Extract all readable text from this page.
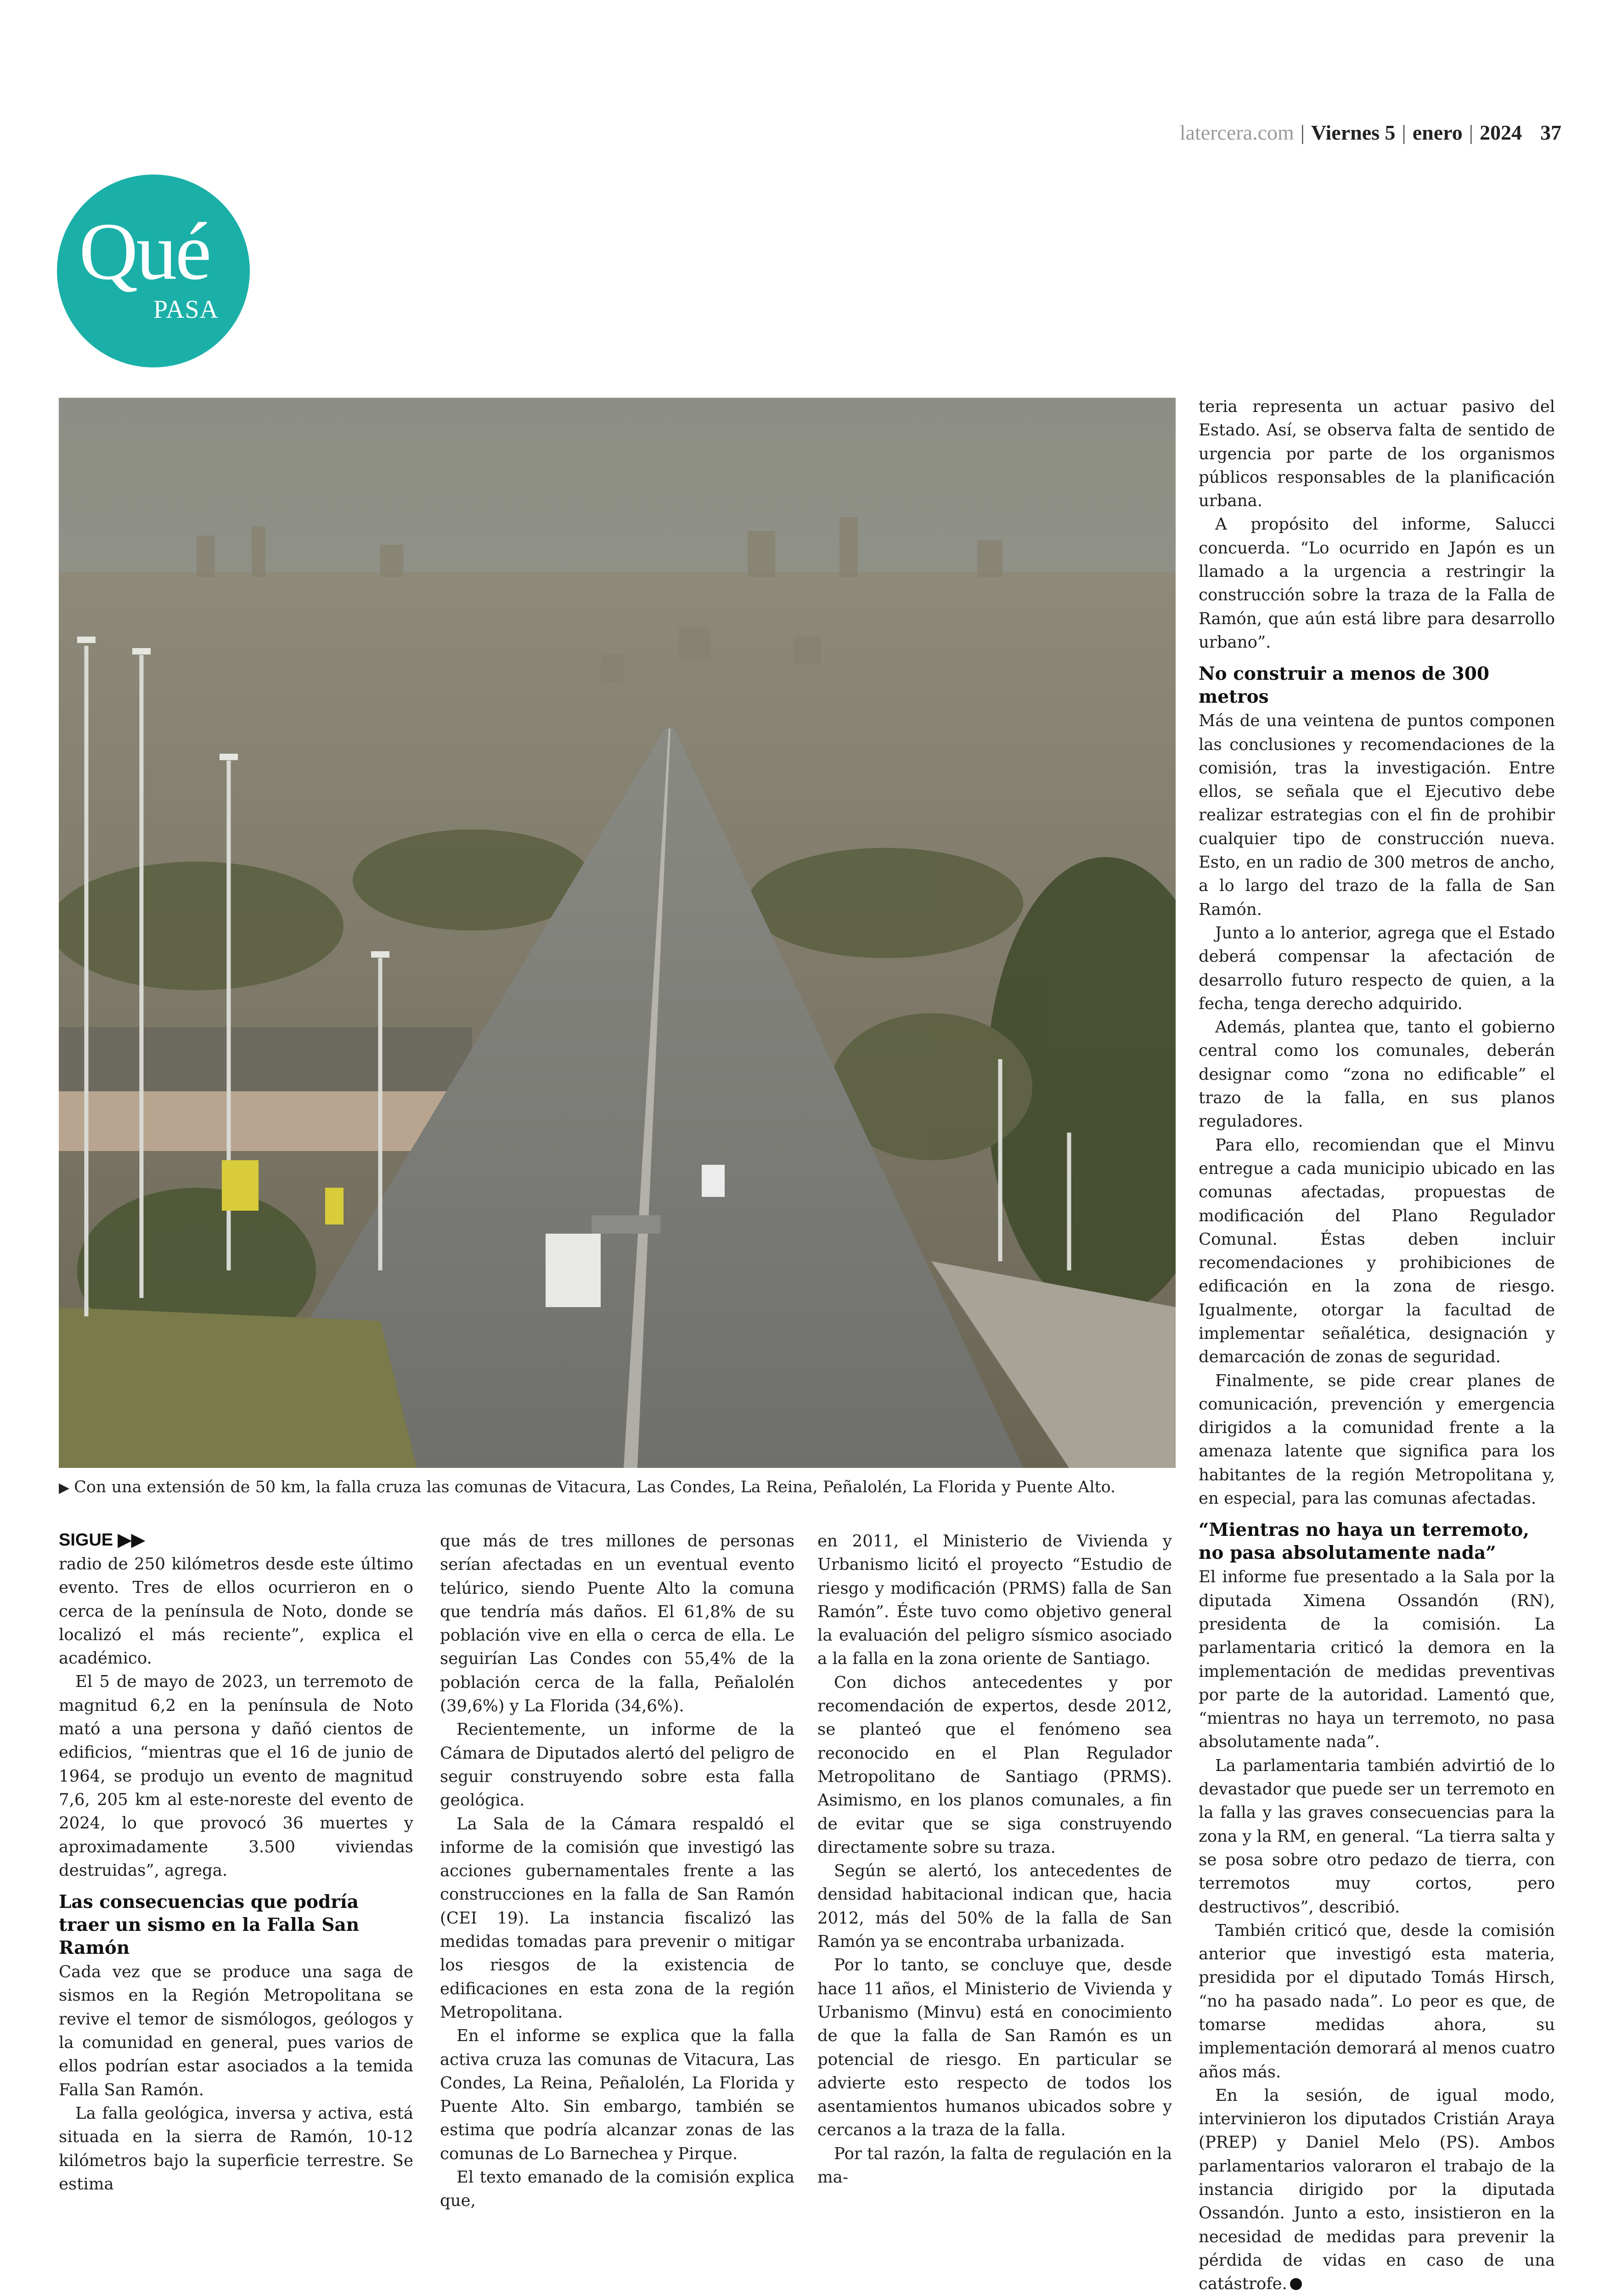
latercera.com | Viernes 5 | enero | 2024 37
Qué
PASA
▶ Con una extensión de 50 km, la falla cruza las comunas de Vitacura, Las Condes, La Reina, Peñalolén, La Florida y Puente Alto.
SIGUE ▶▶

radio de 250 kilómetros desde este último evento. Tres de ellos ocurrieron en o cerca de la península de Noto, donde se localizó el más reciente”, explica el académico.

El 5 de mayo de 2023, un terremoto de magnitud 6,2 en la península de Noto mató a una persona y dañó cientos de edificios, “mientras que el 16 de junio de 1964, se produjo un evento de magnitud 7,6, 205 km al este-noreste del evento de 2024, lo que provocó 36 muertes y aproximadamente 3.500 viviendas destruidas”, agrega.

Las consecuencias que podría traer un sismo en la Falla San Ramón

Cada vez que se produce una saga de sismos en la Región Metropolitana se revive el temor de sismólogos, geólogos y la comunidad en general, pues varios de ellos podrían estar asociados a la temida Falla San Ramón.

La falla geológica, inversa y activa, está situada en la sierra de Ramón, 10-12 kilómetros bajo la superficie terrestre. Se estima

que más de tres millones de personas serían afectadas en un eventual evento telúrico, siendo Puente Alto la comuna que tendría más daños. El 61,8% de su población vive en ella o cerca de ella. Le seguirían Las Condes con 55,4% de la población cerca de la falla, Peñalolén (39,6%) y La Florida (34,6%).

Recientemente, un informe de la Cámara de Diputados alertó del peligro de seguir construyendo sobre esta falla geológica.

La Sala de la Cámara respaldó el informe de la comisión que investigó las acciones gubernamentales frente a las construcciones en la falla de San Ramón (CEI 19). La instancia fiscalizó las medidas tomadas para prevenir o mitigar los riesgos de la existencia de edificaciones en esta zona de la región Metropolitana.

En el informe se explica que la falla activa cruza las comunas de Vitacura, Las Condes, La Reina, Peñalolén, La Florida y Puente Alto. Sin embargo, también se estima que podría alcanzar zonas de las comunas de Lo Barnechea y Pirque.

El texto emanado de la comisión explica que,

en 2011, el Ministerio de Vivienda y Urbanismo licitó el proyecto “Estudio de riesgo y modificación (PRMS) falla de San Ramón”. Éste tuvo como objetivo general la evaluación del peligro sísmico asociado a la falla en la zona oriente de Santiago.

Con dichos antecedentes y por recomendación de expertos, desde 2012, se planteó que el fenómeno sea reconocido en el Plan Regulador Metropolitano de Santiago (PRMS). Asimismo, en los planos comunales, a fin de evitar que se siga construyendo directamente sobre su traza.

Según se alertó, los antecedentes de densidad habitacional indican que, hacia 2012, más del 50% de la falla de San Ramón ya se encontraba urbanizada.

Por lo tanto, se concluye que, desde hace 11 años, el Ministerio de Vivienda y Urbanismo (Minvu) está en conocimiento de que la falla de San Ramón es un potencial de riesgo. En particular se advierte esto respecto de todos los asentamientos humanos ubicados sobre y cercanos a la traza de la falla.

Por tal razón, la falta de regulación en la ma-

teria representa un actuar pasivo del Estado. Así, se observa falta de sentido de urgencia por parte de los organismos públicos responsables de la planificación urbana.

A propósito del informe, Salucci concuerda. “Lo ocurrido en Japón es un llamado a la urgencia a restringir la construcción sobre la traza de la Falla de Ramón, que aún está libre para desarrollo urbano”.

No construir a menos de 300 metros

Más de una veintena de puntos componen las conclusiones y recomendaciones de la comisión, tras la investigación. Entre ellos, se señala que el Ejecutivo debe realizar estrategias con el fin de prohibir cualquier tipo de construcción nueva. Esto, en un radio de 300 metros de ancho, a lo largo del trazo de la falla de San Ramón.

Junto a lo anterior, agrega que el Estado deberá compensar la afectación de desarrollo futuro respecto de quien, a la fecha, tenga derecho adquirido.

Además, plantea que, tanto el gobierno central como los comunales, deberán designar como “zona no edificable” el trazo de la falla, en sus planos reguladores.

Para ello, recomiendan que el Minvu entregue a cada municipio ubicado en las comunas afectadas, propuestas de modificación del Plano Regulador Comunal. Éstas deben incluir recomendaciones y prohibiciones de edificación en la zona de riesgo. Igualmente, otorgar la facultad de implementar señalética, designación y demarcación de zonas de seguridad.

Finalmente, se pide crear planes de comunicación, prevención y emergencia dirigidos a la comunidad frente a la amenaza latente que significa para los habitantes de la región Metropolitana y, en especial, para las comunas afectadas.

“Mientras no haya un terremoto, no pasa absolutamente nada”

El informe fue presentado a la Sala por la diputada Ximena Ossandón (RN), presidenta de la comisión. La parlamentaria criticó la demora en la implementación de medidas preventivas por parte de la autoridad. Lamentó que, “mientras no haya un terremoto, no pasa absolutamente nada”.

La parlamentaria también advirtió de lo devastador que puede ser un terremoto en la falla y las graves consecuencias para la zona y la RM, en general. “La tierra salta y se posa sobre otro pedazo de tierra, con terremotos muy cortos, pero destructivos”, describió.

También criticó que, desde la comisión anterior que investigó esta materia, presidida por el diputado Tomás Hirsch, “no ha pasado nada”. Lo peor es que, de tomarse medidas ahora, su implementación demorará al menos cuatro años más.

En la sesión, de igual modo, intervinieron los diputados Cristián Araya (PREP) y Daniel Melo (PS). Ambos parlamentarios valoraron el trabajo de la instancia dirigido por la diputada Ossandón. Junto a esto, insistieron en la necesidad de medidas para prevenir la pérdida de vidas en caso de una catástrofe.
